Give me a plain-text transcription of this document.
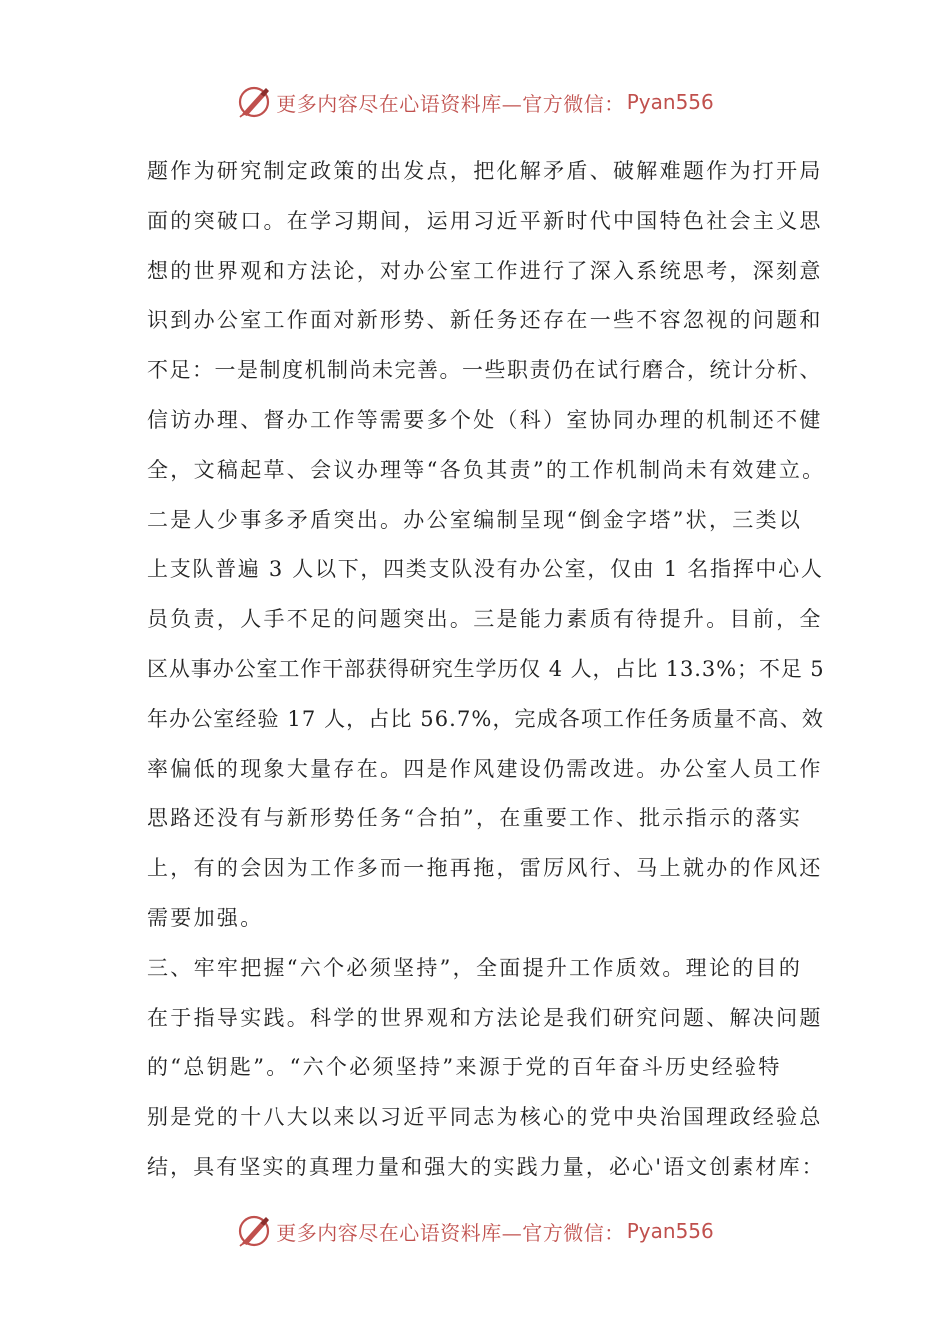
更多内容尽在心语资料库—官方微信： Pyan556
题作为研究制定政策的出发点，把化解矛盾、破解难题作为打开局
面的突破口。在学习期间，运用习近平新时代中国特色社会主义思
想的世界观和方法论，对办公室工作进行了深入系统思考，深刻意
识到办公室工作面对新形势、新任务还存在一些不容忽视的问题和
不足：一是制度机制尚未完善。一些职责仍在试行磨合，统计分析、
信访办理、督办工作等需要多个处（科）室协同办理的机制还不健
全，文稿起草、会议办理等“各负其责”的工作机制尚未有效建立。
二是人少事多矛盾突出。办公室编制呈现“倒金字塔”状，三类以
上支队普遍 3 人以下，四类支队没有办公室，仅由 1 名指挥中心人
员负责，人手不足的问题突出。三是能力素质有待提升。目前，全
区从事办公室工作干部获得研究生学历仅 4 人，占比 13.3%；不足 5
年办公室经验 17 人，占比 56.7%，完成各项工作任务质量不高、效
率偏低的现象大量存在。四是作风建设仍需改进。办公室人员工作
思路还没有与新形势任务“合拍”，在重要工作、批示指示的落实
上，有的会因为工作多而一拖再拖，雷厉风行、马上就办的作风还
需要加强。
三、牢牢把握“六个必须坚持”，全面提升工作质效。理论的目的
在于指导实践。科学的世界观和方法论是我们研究问题、解决问题
的“总钥匙”。“六个必须坚持”来源于党的百年奋斗历史经验特
别是党的十八大以来以习近平同志为核心的党中央治国理政经验总
结，具有坚实的真理力量和强大的实践力量，必心'语文创素材库：
更多内容尽在心语资料库—官方微信： Pyan556
